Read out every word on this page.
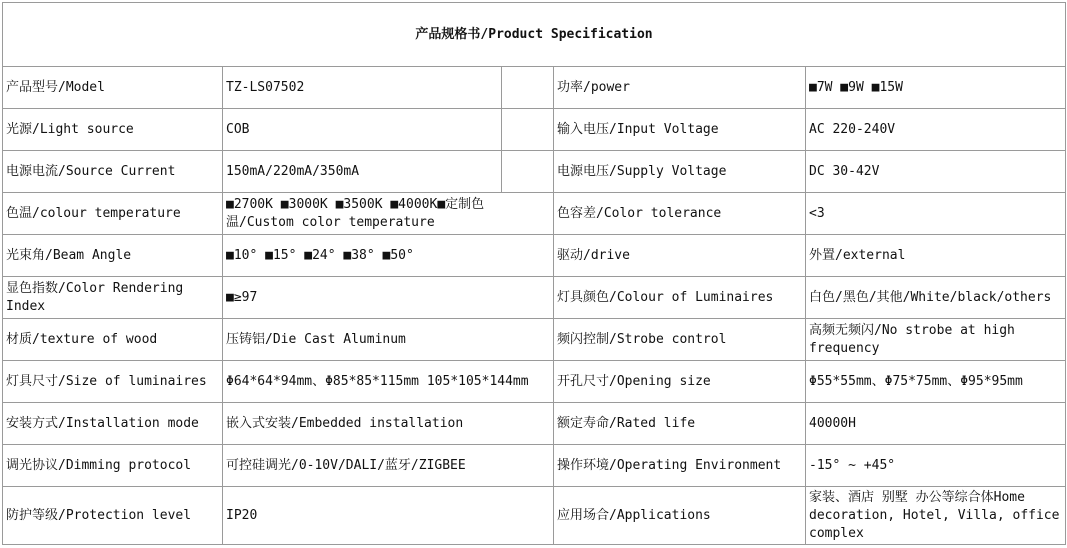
产品规格书/Product Specification				
产品型号/Model	TZ-LS07502		功率/power	■7W ■9W ■15W
光源/Light source	COB		输入电压/Input Voltage	AC 220-240V
电源电流/Source Current	150mA/220mA/350mA		电源电压/Supply Voltage	DC 30-42V
色温/colour temperature	■2700K ■3000K ■3500K ■4000K■定制色温/Custom color temperature		色容差/Color tolerance	<3
光束角/Beam Angle	■10° ■15° ■24° ■38° ■50°		驱动/drive	外置/external
显色指数/Color Rendering Index	■≥97		灯具颜色/Colour of Luminaires	白色/黑色/其他/White/black/others
材质/texture of wood	压铸铝/Die Cast Aluminum		频闪控制/Strobe control	高频无频闪/No strobe at high frequency
灯具尺寸/Size of luminaires	Φ64*64*94mm、Φ85*85*115mm 105*105*144mm		开孔尺寸/Opening size	Φ55*55mm、Φ75*75mm、Φ95*95mm
安装方式/Installation mode	嵌入式安装/Embedded installation		额定寿命/Rated life	40000H
调光协议/Dimming protocol	可控硅调光/0-10V/DALI/蓝牙/ZIGBEE		操作环境/Operating Environment	-15° ~ +45°
防护等级/Protection level	IP20		应用场合/Applications	家装、酒店 别墅 办公等综合体Home decoration, Hotel, Villa, office complex
